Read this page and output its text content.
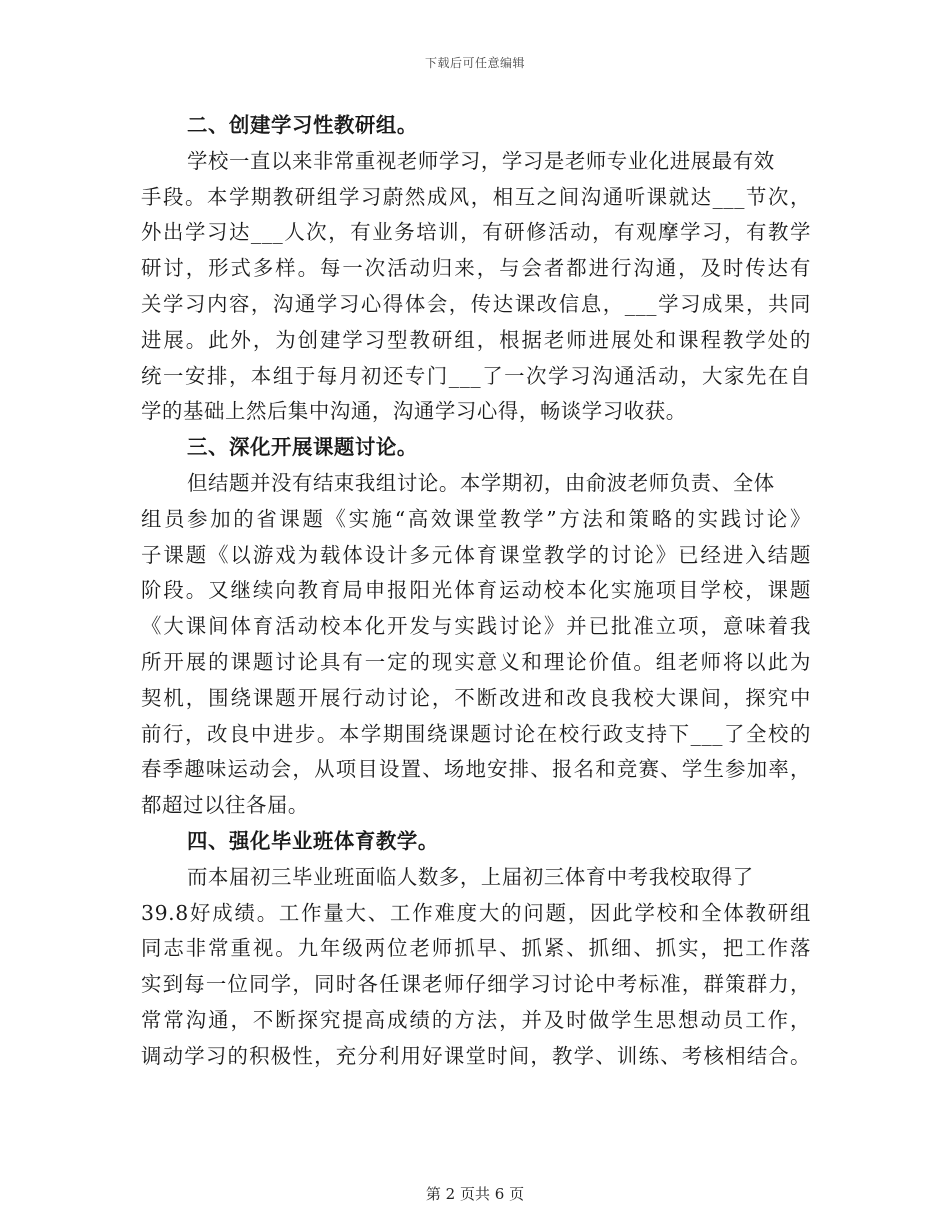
下载后可任意编辑
二、创建学习性教研组。
学校一直以来非常重视老师学习，学习是老师专业化进展最有效
手段。本学期教研组学习蔚然成风，相互之间沟通听课就达___节次，
外出学习达___人次，有业务培训，有研修活动，有观摩学习，有教学
研讨，形式多样。每一次活动归来，与会者都进行沟通，及时传达有
关学习内容，沟通学习心得体会，传达课改信息，___学习成果，共同
进展。此外，为创建学习型教研组，根据老师进展处和课程教学处的
统一安排，本组于每月初还专门___了一次学习沟通活动，大家先在自
学的基础上然后集中沟通，沟通学习心得，畅谈学习收获。
三、深化开展课题讨论。
但结题并没有结束我组讨论。本学期初，由俞波老师负责、全体
组员参加的省课题《实施“高效课堂教学”方法和策略的实践讨论》
子课题《以游戏为载体设计多元体育课堂教学的讨论》已经进入结题
阶段。又继续向教育局申报阳光体育运动校本化实施项目学校，课题
《大课间体育活动校本化开发与实践讨论》并已批准立项，意味着我
所开展的课题讨论具有一定的现实意义和理论价值。组老师将以此为
契机，围绕课题开展行动讨论，不断改进和改良我校大课间，探究中
前行，改良中进步。本学期围绕课题讨论在校行政支持下___了全校的
春季趣味运动会，从项目设置、场地安排、报名和竞赛、学生参加率，
都超过以往各届。
四、强化毕业班体育教学。
而本届初三毕业班面临人数多，上届初三体育中考我校取得了
39.8好成绩。工作量大、工作难度大的问题，因此学校和全体教研组
同志非常重视。九年级两位老师抓早、抓紧、抓细、抓实，把工作落
实到每一位同学，同时各任课老师仔细学习讨论中考标准，群策群力，
常常沟通，不断探究提高成绩的方法，并及时做学生思想动员工作，
调动学习的积极性，充分利用好课堂时间，教学、训练、考核相结合。
第 2 页共 6 页
